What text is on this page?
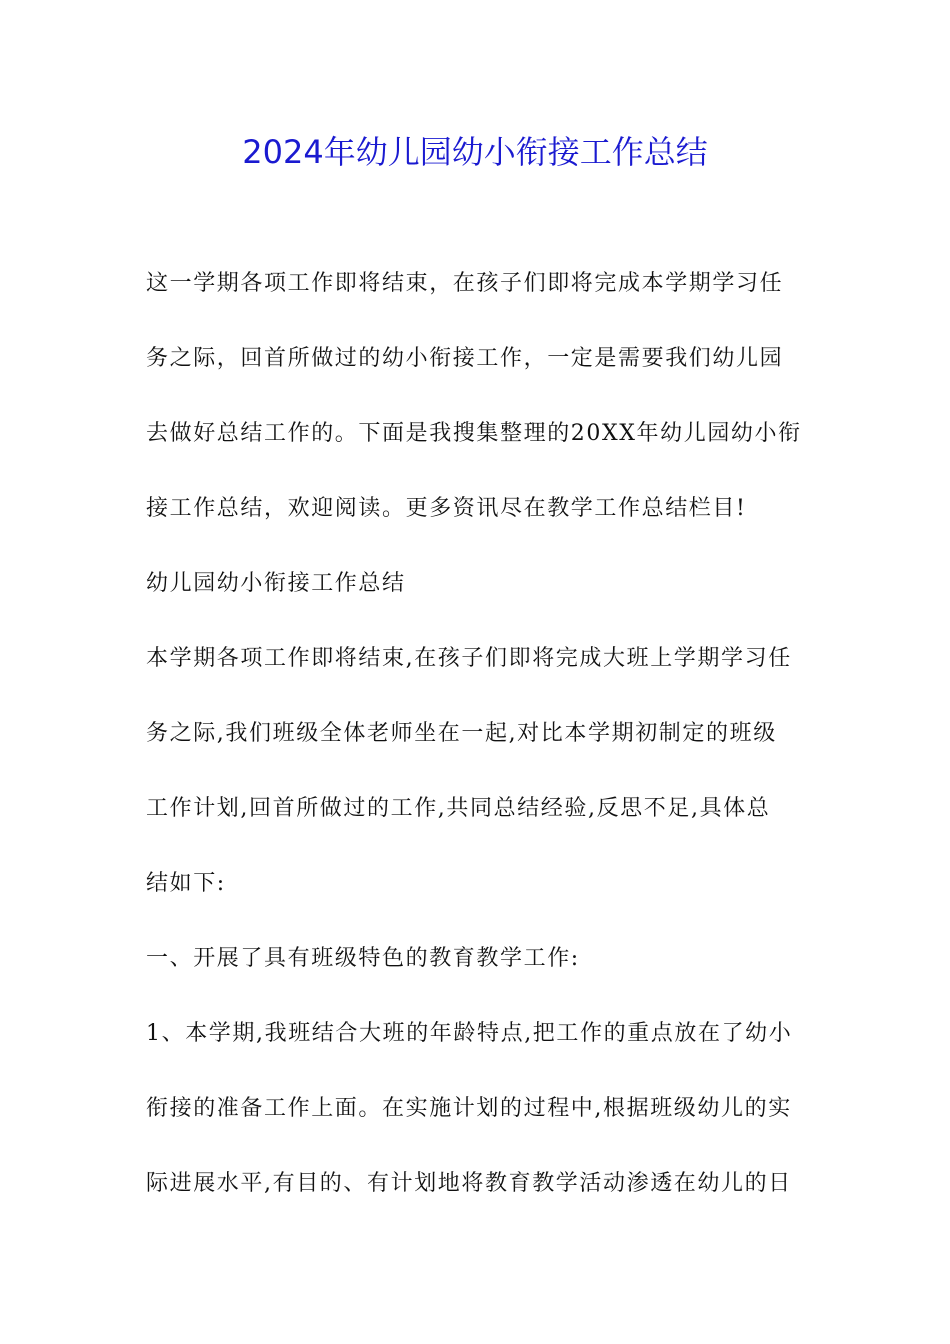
2024年幼儿园幼小衔接工作总结
这一学期各项工作即将结束，在孩子们即将完成本学期学习任
务之际，回首所做过的幼小衔接工作，一定是需要我们幼儿园
去做好总结工作的。下面是我搜集整理的20XX年幼儿园幼小衔
接工作总结，欢迎阅读。更多资讯尽在教学工作总结栏目!
幼儿园幼小衔接工作总结
本学期各项工作即将结束,在孩子们即将完成大班上学期学习任
务之际,我们班级全体老师坐在一起,对比本学期初制定的班级
工作计划,回首所做过的工作,共同总结经验,反思不足,具体总
结如下:
一、开展了具有班级特色的教育教学工作:
1、本学期,我班结合大班的年龄特点,把工作的重点放在了幼小
衔接的准备工作上面。在实施计划的过程中,根据班级幼儿的实
际进展水平,有目的、有计划地将教育教学活动渗透在幼儿的日
